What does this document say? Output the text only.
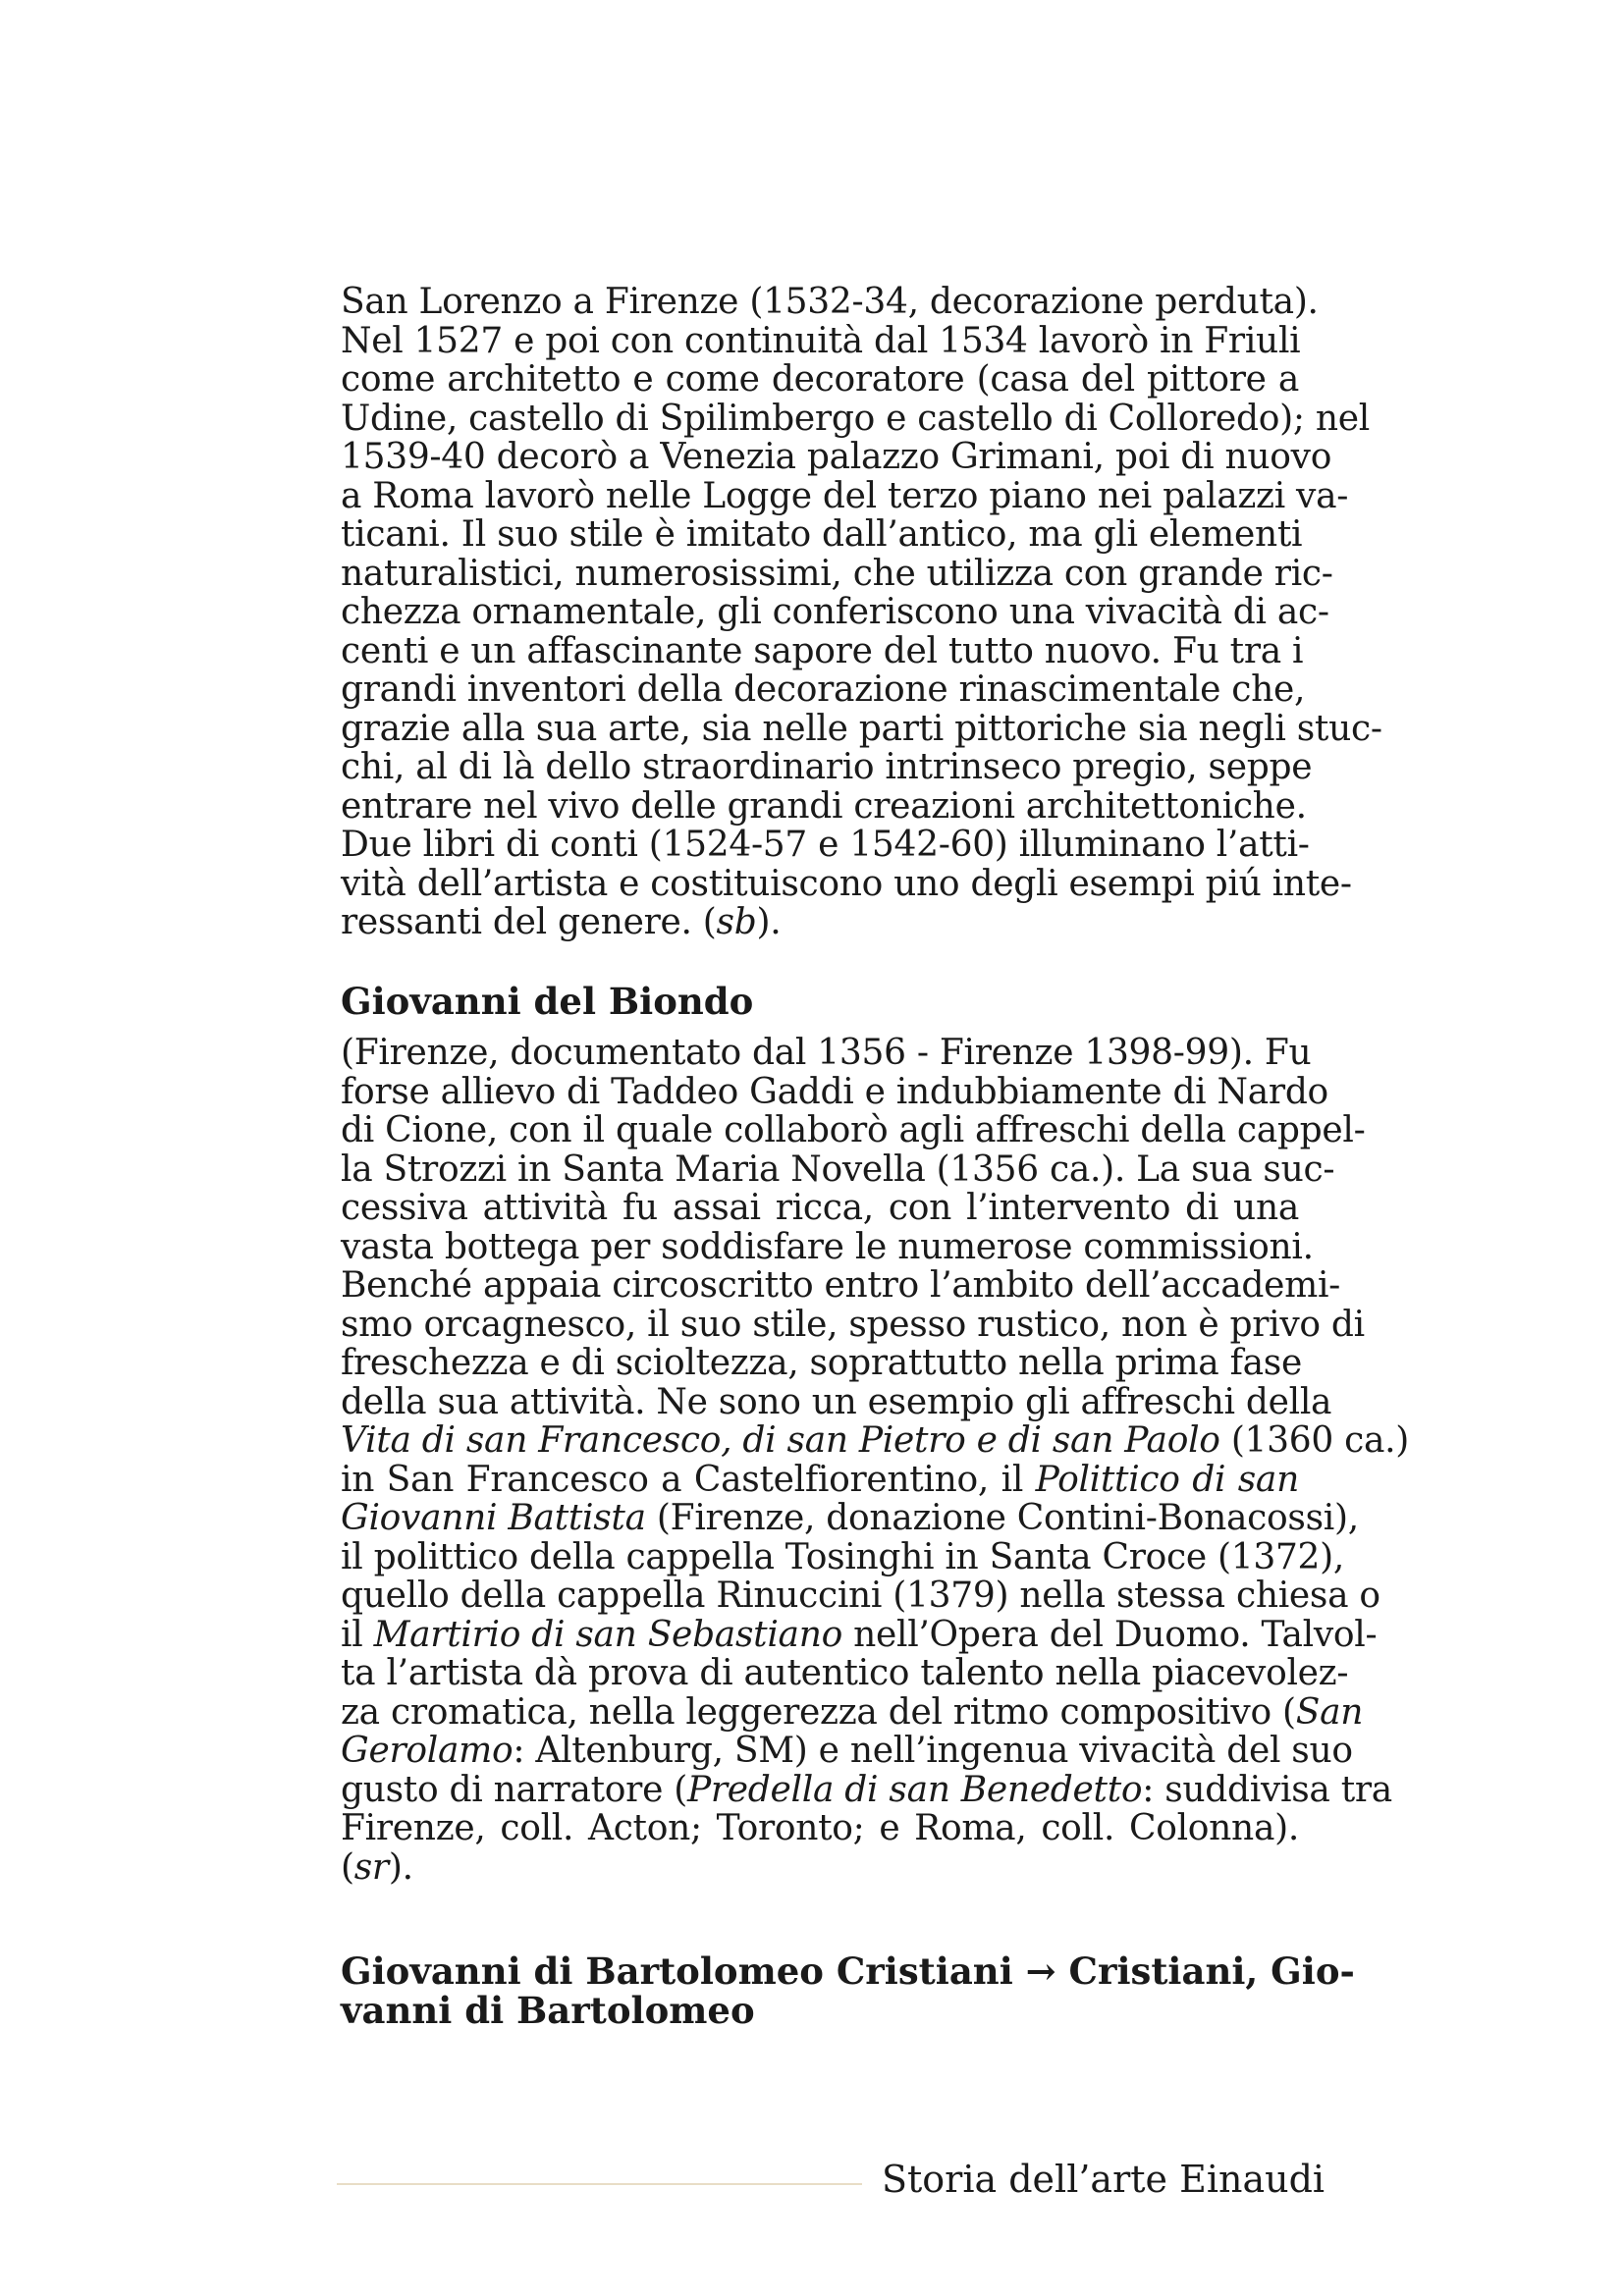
San Lorenzo a Firenze (1532-34, decorazione perduta).
Nel 1527 e poi con continuità dal 1534 lavorò in Friuli
come architetto e come decoratore (casa del pittore a
Udine, castello di Spilimbergo e castello di Colloredo); nel
1539-40 decorò a Venezia palazzo Grimani, poi di nuovo
a Roma lavorò nelle Logge del terzo piano nei palazzi va-
ticani. Il suo stile è imitato dall’antico, ma gli elementi
naturalistici, numerosissimi, che utilizza con grande ric-
chezza ornamentale, gli conferiscono una vivacità di ac-
centi e un affascinante sapore del tutto nuovo. Fu tra i
grandi inventori della decorazione rinascimentale che,
grazie alla sua arte, sia nelle parti pittoriche sia negli stuc-
chi, al di là dello straordinario intrinseco pregio, seppe
entrare nel vivo delle grandi creazioni architettoniche.
Due libri di conti (1524-57 e 1542-60) illuminano l’atti-
vità dell’artista e costituiscono uno degli esempi piú inte-
ressanti del genere. (sb).
Giovanni del Biondo
(Firenze, documentato dal 1356 - Firenze 1398-99). Fu
forse allievo di Taddeo Gaddi e indubbiamente di Nardo
di Cione, con il quale collaborò agli affreschi della cappel-
la Strozzi in Santa Maria Novella (1356 ca.). La sua suc-
cessiva attività fu assai ricca, con l’intervento di una
vasta bottega per soddisfare le numerose commissioni.
Benché appaia circoscritto entro l’ambito dell’accademi-
smo orcagnesco, il suo stile, spesso rustico, non è privo di
freschezza e di scioltezza, soprattutto nella prima fase
della sua attività. Ne sono un esempio gli affreschi della
Vita di san Francesco, di san Pietro e di san Paolo (1360 ca.)
in San Francesco a Castelfiorentino, il Polittico di san
Giovanni Battista (Firenze, donazione Contini-Bonacossi),
il polittico della cappella Tosinghi in Santa Croce (1372),
quello della cappella Rinuccini (1379) nella stessa chiesa o
il Martirio di san Sebastiano nell’Opera del Duomo. Talvol-
ta l’artista dà prova di autentico talento nella piacevolez-
za cromatica, nella leggerezza del ritmo compositivo (San
Gerolamo: Altenburg, SM) e nell’ingenua vivacità del suo
gusto di narratore (Predella di san Benedetto: suddivisa tra
Firenze, coll. Acton; Toronto; e Roma, coll. Colonna).
(sr).
Giovanni di Bartolomeo Cristiani → Cristiani, Gio-
vanni di Bartolomeo
Storia dell’arte Einaudi
